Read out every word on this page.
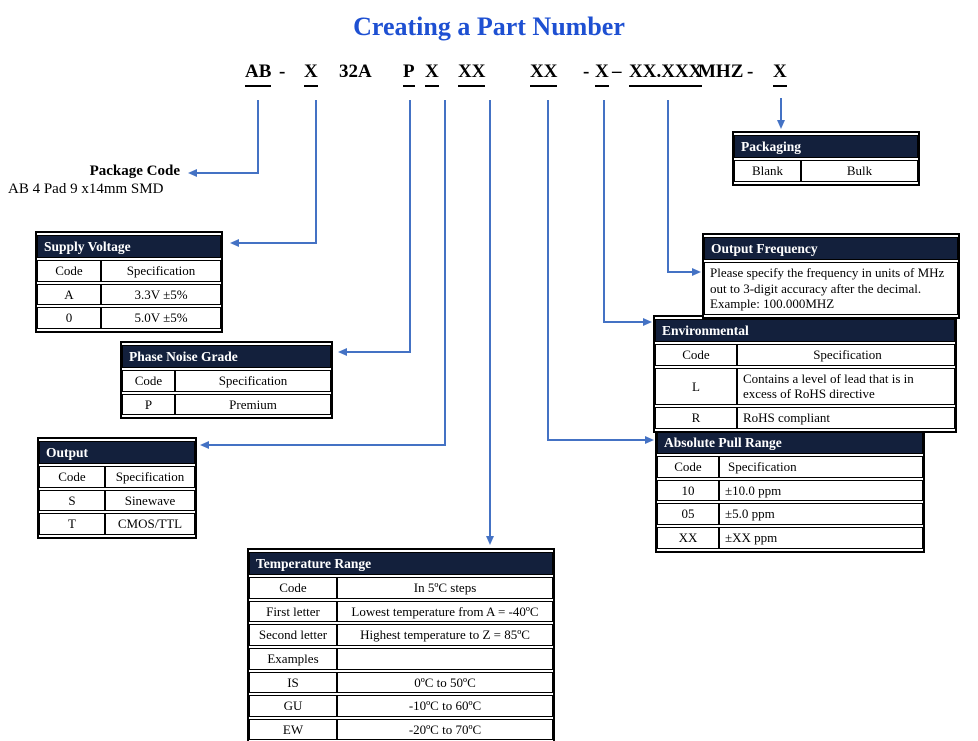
Creating a Part Number
AB - X 32A P X XX XX - X – XX.XXX
MHZ - X
Package Code
AB 4 Pad 9 x14mm SMD
Supply Voltage	
Code	Specification
A	3.3V ±5%
0	5.0V ±5%
Phase Noise Grade	
Code	Specification
P	Premium
Output	
Code	Specification
S	Sinewave
T	CMOS/TTL
Temperature Range	
Code	In 5ºC steps
First letter	Lowest temperature from A = -40ºC
Second letter	Highest temperature to Z = 85ºC
Examples	
IS	0ºC to 50ºC
GU	-10ºC to 60ºC
EW	-20ºC to 70ºC
Absolute Pull Range	
Code	Specification
10	±10.0 ppm
05	±5.0 ppm
XX	±XX ppm
Environmental	
Code	Specification
L	Contains a level of lead that is in excess of RoHS directive
R	RoHS compliant
Output Frequency

Please specify the frequency in units of MHz out to 3-digit accuracy after the decimal.
Example: 100.000MHZ
Packaging
Blank	Bulk
